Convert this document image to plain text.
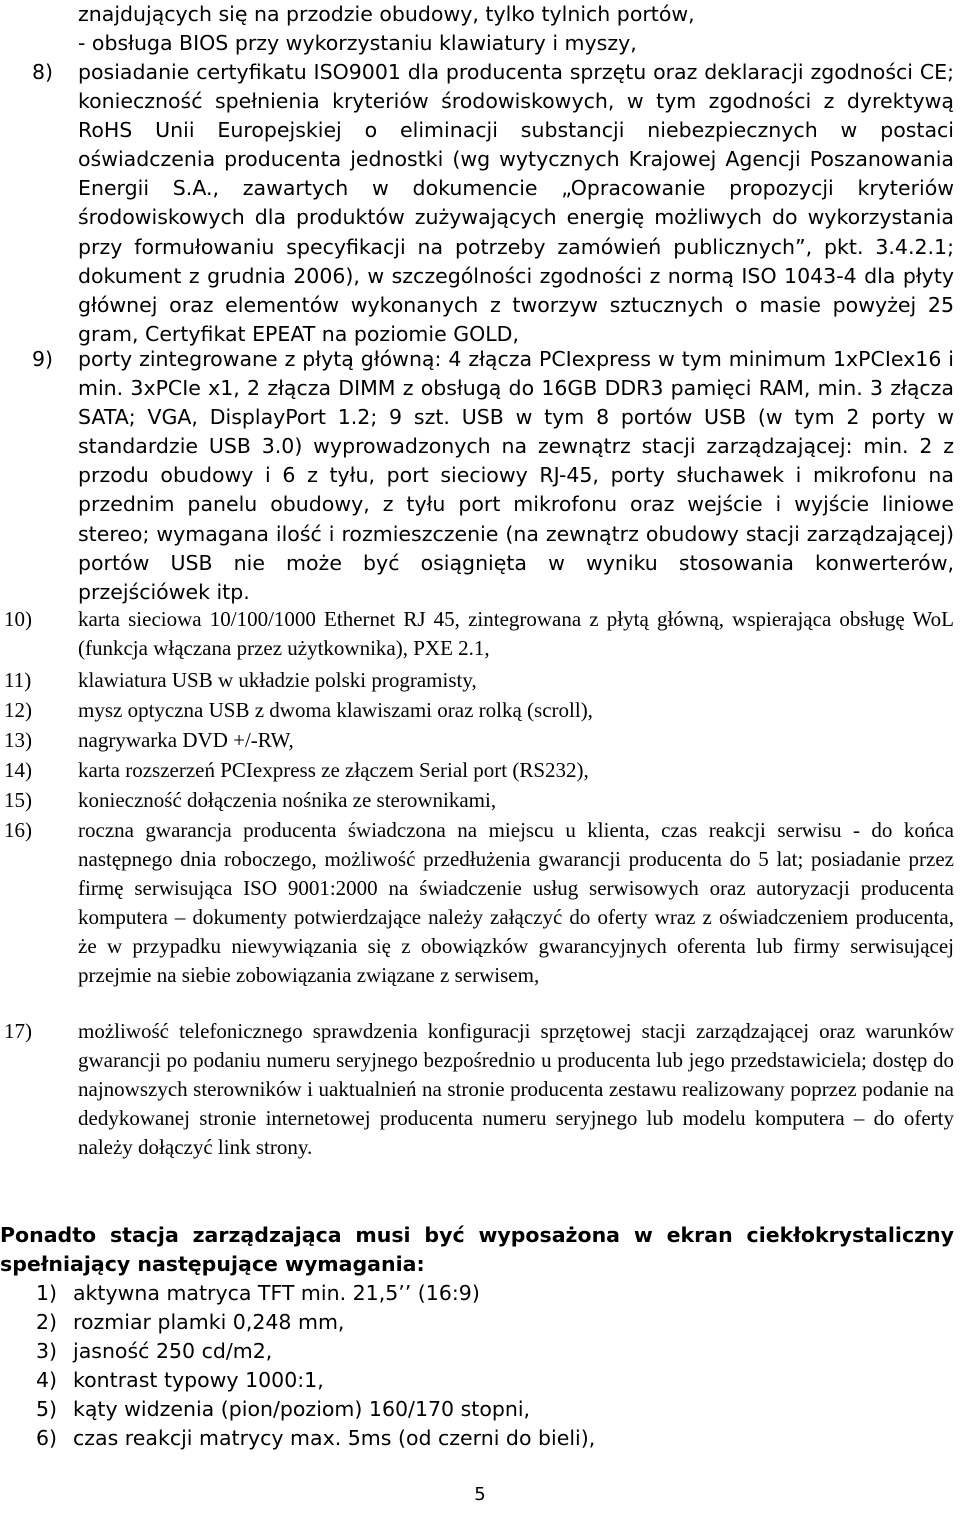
znajdujących się na przodzie obudowy, tylko tylnich portów,
- obsługa BIOS przy wykorzystaniu klawiatury i myszy,
8) posiadanie certyfikatu ISO9001 dla producenta sprzętu oraz deklaracji zgodności CE; konieczność spełnienia kryteriów środowiskowych, w tym zgodności z dyrektywą RoHS Unii Europejskiej o eliminacji substancji niebezpiecznych w postaci oświadczenia producenta jednostki (wg wytycznych Krajowej Agencji Poszanowania Energii S.A., zawartych w dokumencie „Opracowanie propozycji kryteriów środowiskowych dla produktów zużywających energię możliwych do wykorzystania przy formułowaniu specyfikacji na potrzeby zamówień publicznych”, pkt. 3.4.2.1; dokument z grudnia 2006), w szczególności zgodności z normą ISO 1043-4 dla płyty głównej oraz elementów wykonanych z tworzyw sztucznych o masie powyżej 25 gram, Certyfikat EPEAT na poziomie GOLD,
9) porty zintegrowane z płytą główną: 4 złącza PCIexpress w tym minimum 1xPCIex16 i min. 3xPCIe x1, 2 złącza DIMM z obsługą do 16GB DDR3 pamięci RAM, min. 3 złącza SATA; VGA, DisplayPort 1.2; 9 szt. USB w tym 8 portów USB (w tym 2 porty w standardzie USB 3.0) wyprowadzonych na zewnątrz stacji zarządzającej: min. 2 z przodu obudowy i 6 z tyłu, port sieciowy RJ-45, porty słuchawek i mikrofonu na przednim panelu obudowy, z tyłu port mikrofonu oraz wejście i wyjście liniowe stereo; wymagana ilość i rozmieszczenie (na zewnątrz obudowy stacji zarządzającej) portów USB nie może być osiągnięta w wyniku stosowania konwerterów, przejściówek itp.
10) karta sieciowa 10/100/1000 Ethernet RJ 45, zintegrowana z płytą główną, wspierająca obsługę WoL (funkcja włączana przez użytkownika), PXE 2.1,
11) klawiatura USB w układzie polski programisty,
12) mysz optyczna USB z dwoma klawiszami oraz rolką (scroll),
13) nagrywarka DVD +/-RW,
14) karta rozszerzeń PCIexpress ze złączem Serial port (RS232),
15) konieczność dołączenia nośnika ze sterownikami,
16) roczna gwarancja producenta świadczona na miejscu u klienta, czas reakcji serwisu - do końca następnego dnia roboczego, możliwość przedłużenia gwarancji producenta do 5 lat; posiadanie przez firmę serwisująca ISO 9001:2000 na świadczenie usług serwisowych oraz autoryzacji producenta komputera – dokumenty potwierdzające należy załączyć do oferty wraz z oświadczeniem producenta, że w przypadku niewywiązania się z obowiązków gwarancyjnych oferenta lub firmy serwisującej przejmie na siebie zobowiązania związane z serwisem,
17) możliwość telefonicznego sprawdzenia konfiguracji sprzętowej stacji zarządzającej oraz warunków gwarancji po podaniu numeru seryjnego bezpośrednio u producenta lub jego przedstawiciela; dostęp do najnowszych sterowników i uaktualnień na stronie producenta zestawu realizowany poprzez podanie na dedykowanej stronie internetowej producenta numeru seryjnego lub modelu komputera – do oferty należy dołączyć link strony.
Ponadto stacja zarządzająca musi być wyposażona w ekran ciekłokrystaliczny spełniający następujące wymagania:
1) aktywna matryca TFT min. 21,5’’ (16:9)
2) rozmiar plamki 0,248 mm,
3) jasność 250 cd/m2,
4) kontrast typowy 1000:1,
5) kąty widzenia (pion/poziom) 160/170 stopni,
6) czas reakcji matrycy max. 5ms (od czerni do bieli),
5
